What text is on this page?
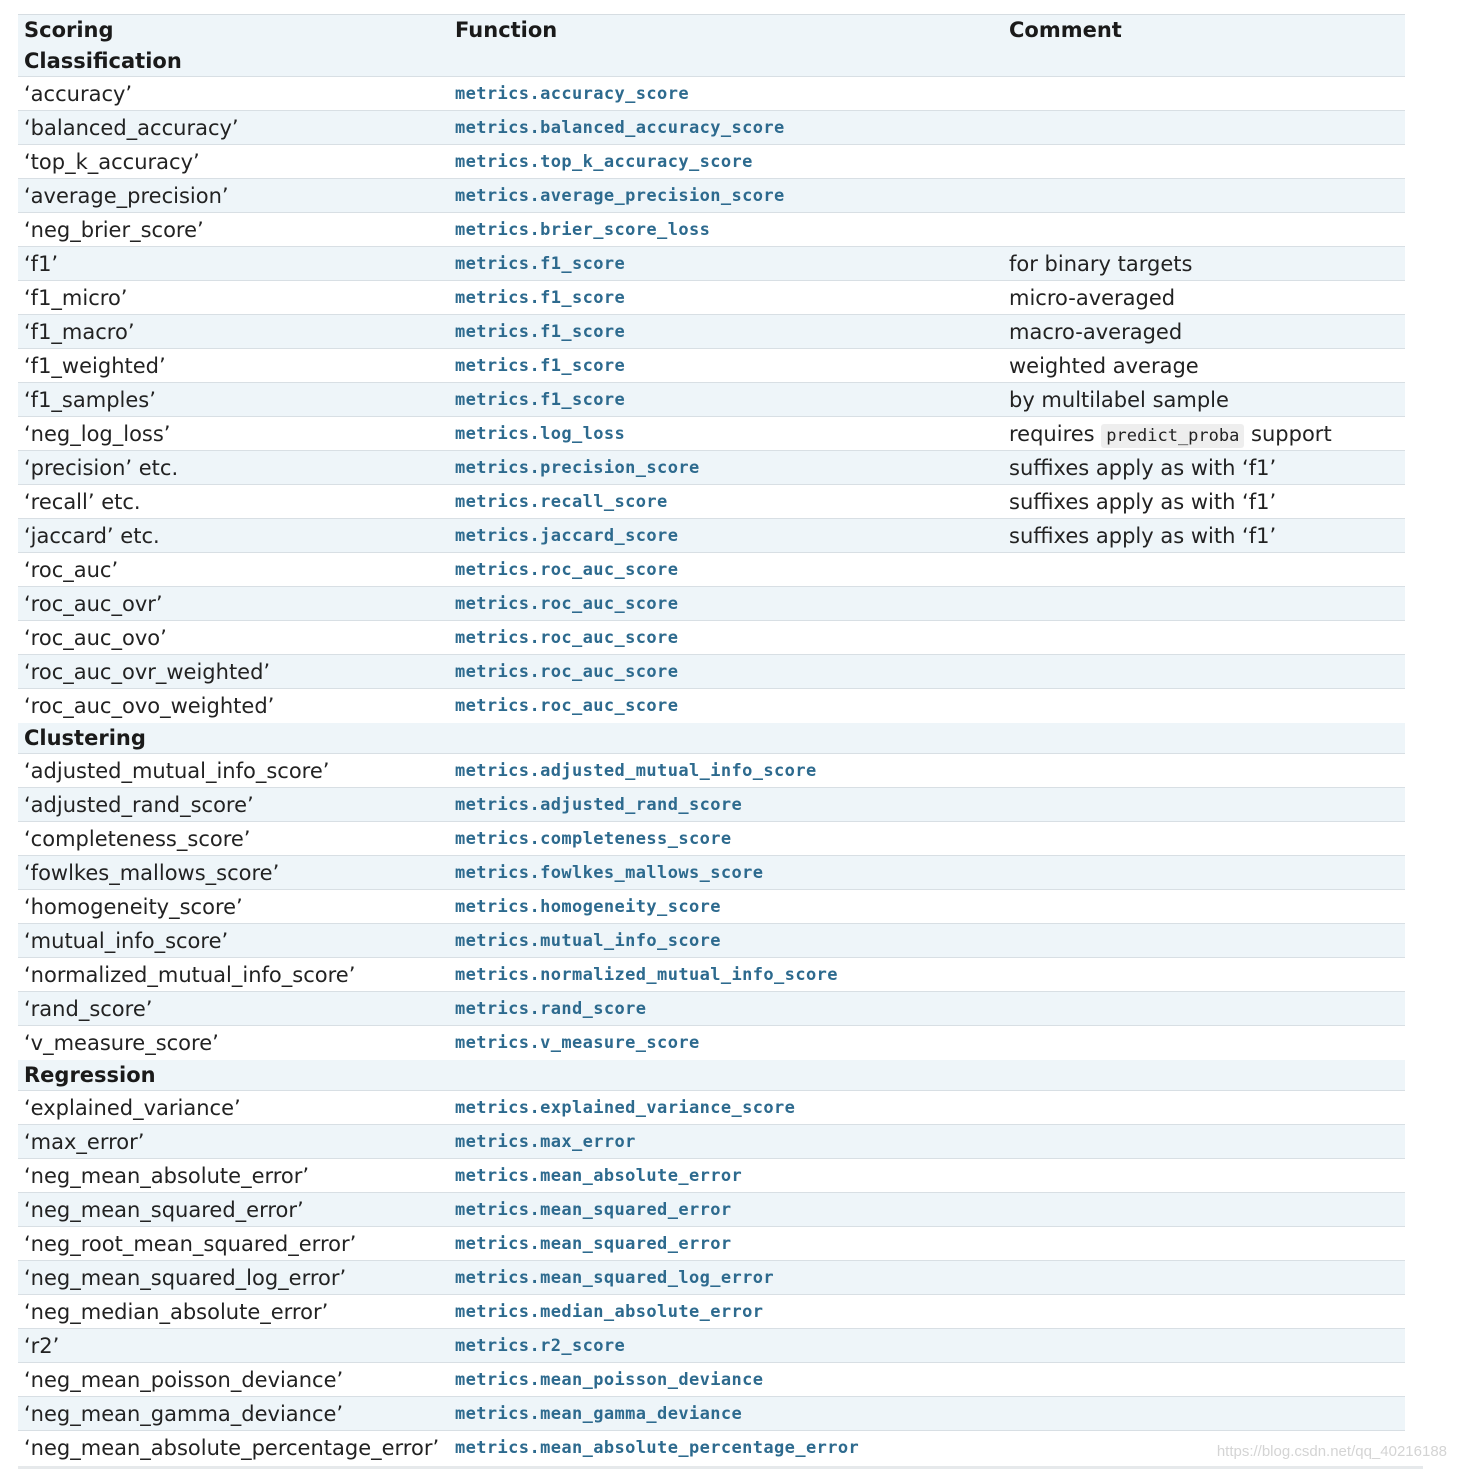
Scoring	Function	Comment
Classification		
‘accuracy’	metrics.accuracy_score	
‘balanced_accuracy’	metrics.balanced_accuracy_score	
‘top_k_accuracy’	metrics.top_k_accuracy_score	
‘average_precision’	metrics.average_precision_score	
‘neg_brier_score’	metrics.brier_score_loss	
‘f1’	metrics.f1_score	for binary targets
‘f1_micro’	metrics.f1_score	micro-averaged
‘f1_macro’	metrics.f1_score	macro-averaged
‘f1_weighted’	metrics.f1_score	weighted average
‘f1_samples’	metrics.f1_score	by multilabel sample
‘neg_log_loss’	metrics.log_loss	requires predict_proba support
‘precision’ etc.	metrics.precision_score	suffixes apply as with ‘f1’
‘recall’ etc.	metrics.recall_score	suffixes apply as with ‘f1’
‘jaccard’ etc.	metrics.jaccard_score	suffixes apply as with ‘f1’
‘roc_auc’	metrics.roc_auc_score	
‘roc_auc_ovr’	metrics.roc_auc_score	
‘roc_auc_ovo’	metrics.roc_auc_score	
‘roc_auc_ovr_weighted’	metrics.roc_auc_score	
‘roc_auc_ovo_weighted’	metrics.roc_auc_score	
Clustering		
‘adjusted_mutual_info_score’	metrics.adjusted_mutual_info_score	
‘adjusted_rand_score’	metrics.adjusted_rand_score	
‘completeness_score’	metrics.completeness_score	
‘fowlkes_mallows_score’	metrics.fowlkes_mallows_score	
‘homogeneity_score’	metrics.homogeneity_score	
‘mutual_info_score’	metrics.mutual_info_score	
‘normalized_mutual_info_score’	metrics.normalized_mutual_info_score	
‘rand_score’	metrics.rand_score	
‘v_measure_score’	metrics.v_measure_score	
Regression		
‘explained_variance’	metrics.explained_variance_score	
‘max_error’	metrics.max_error	
‘neg_mean_absolute_error’	metrics.mean_absolute_error	
‘neg_mean_squared_error’	metrics.mean_squared_error	
‘neg_root_mean_squared_error’	metrics.mean_squared_error	
‘neg_mean_squared_log_error’	metrics.mean_squared_log_error	
‘neg_median_absolute_error’	metrics.median_absolute_error	
‘r2’	metrics.r2_score	
‘neg_mean_poisson_deviance’	metrics.mean_poisson_deviance	
‘neg_mean_gamma_deviance’	metrics.mean_gamma_deviance	
‘neg_mean_absolute_percentage_error’	metrics.mean_absolute_percentage_error		https://blog.csdn.net/qq_40216188
